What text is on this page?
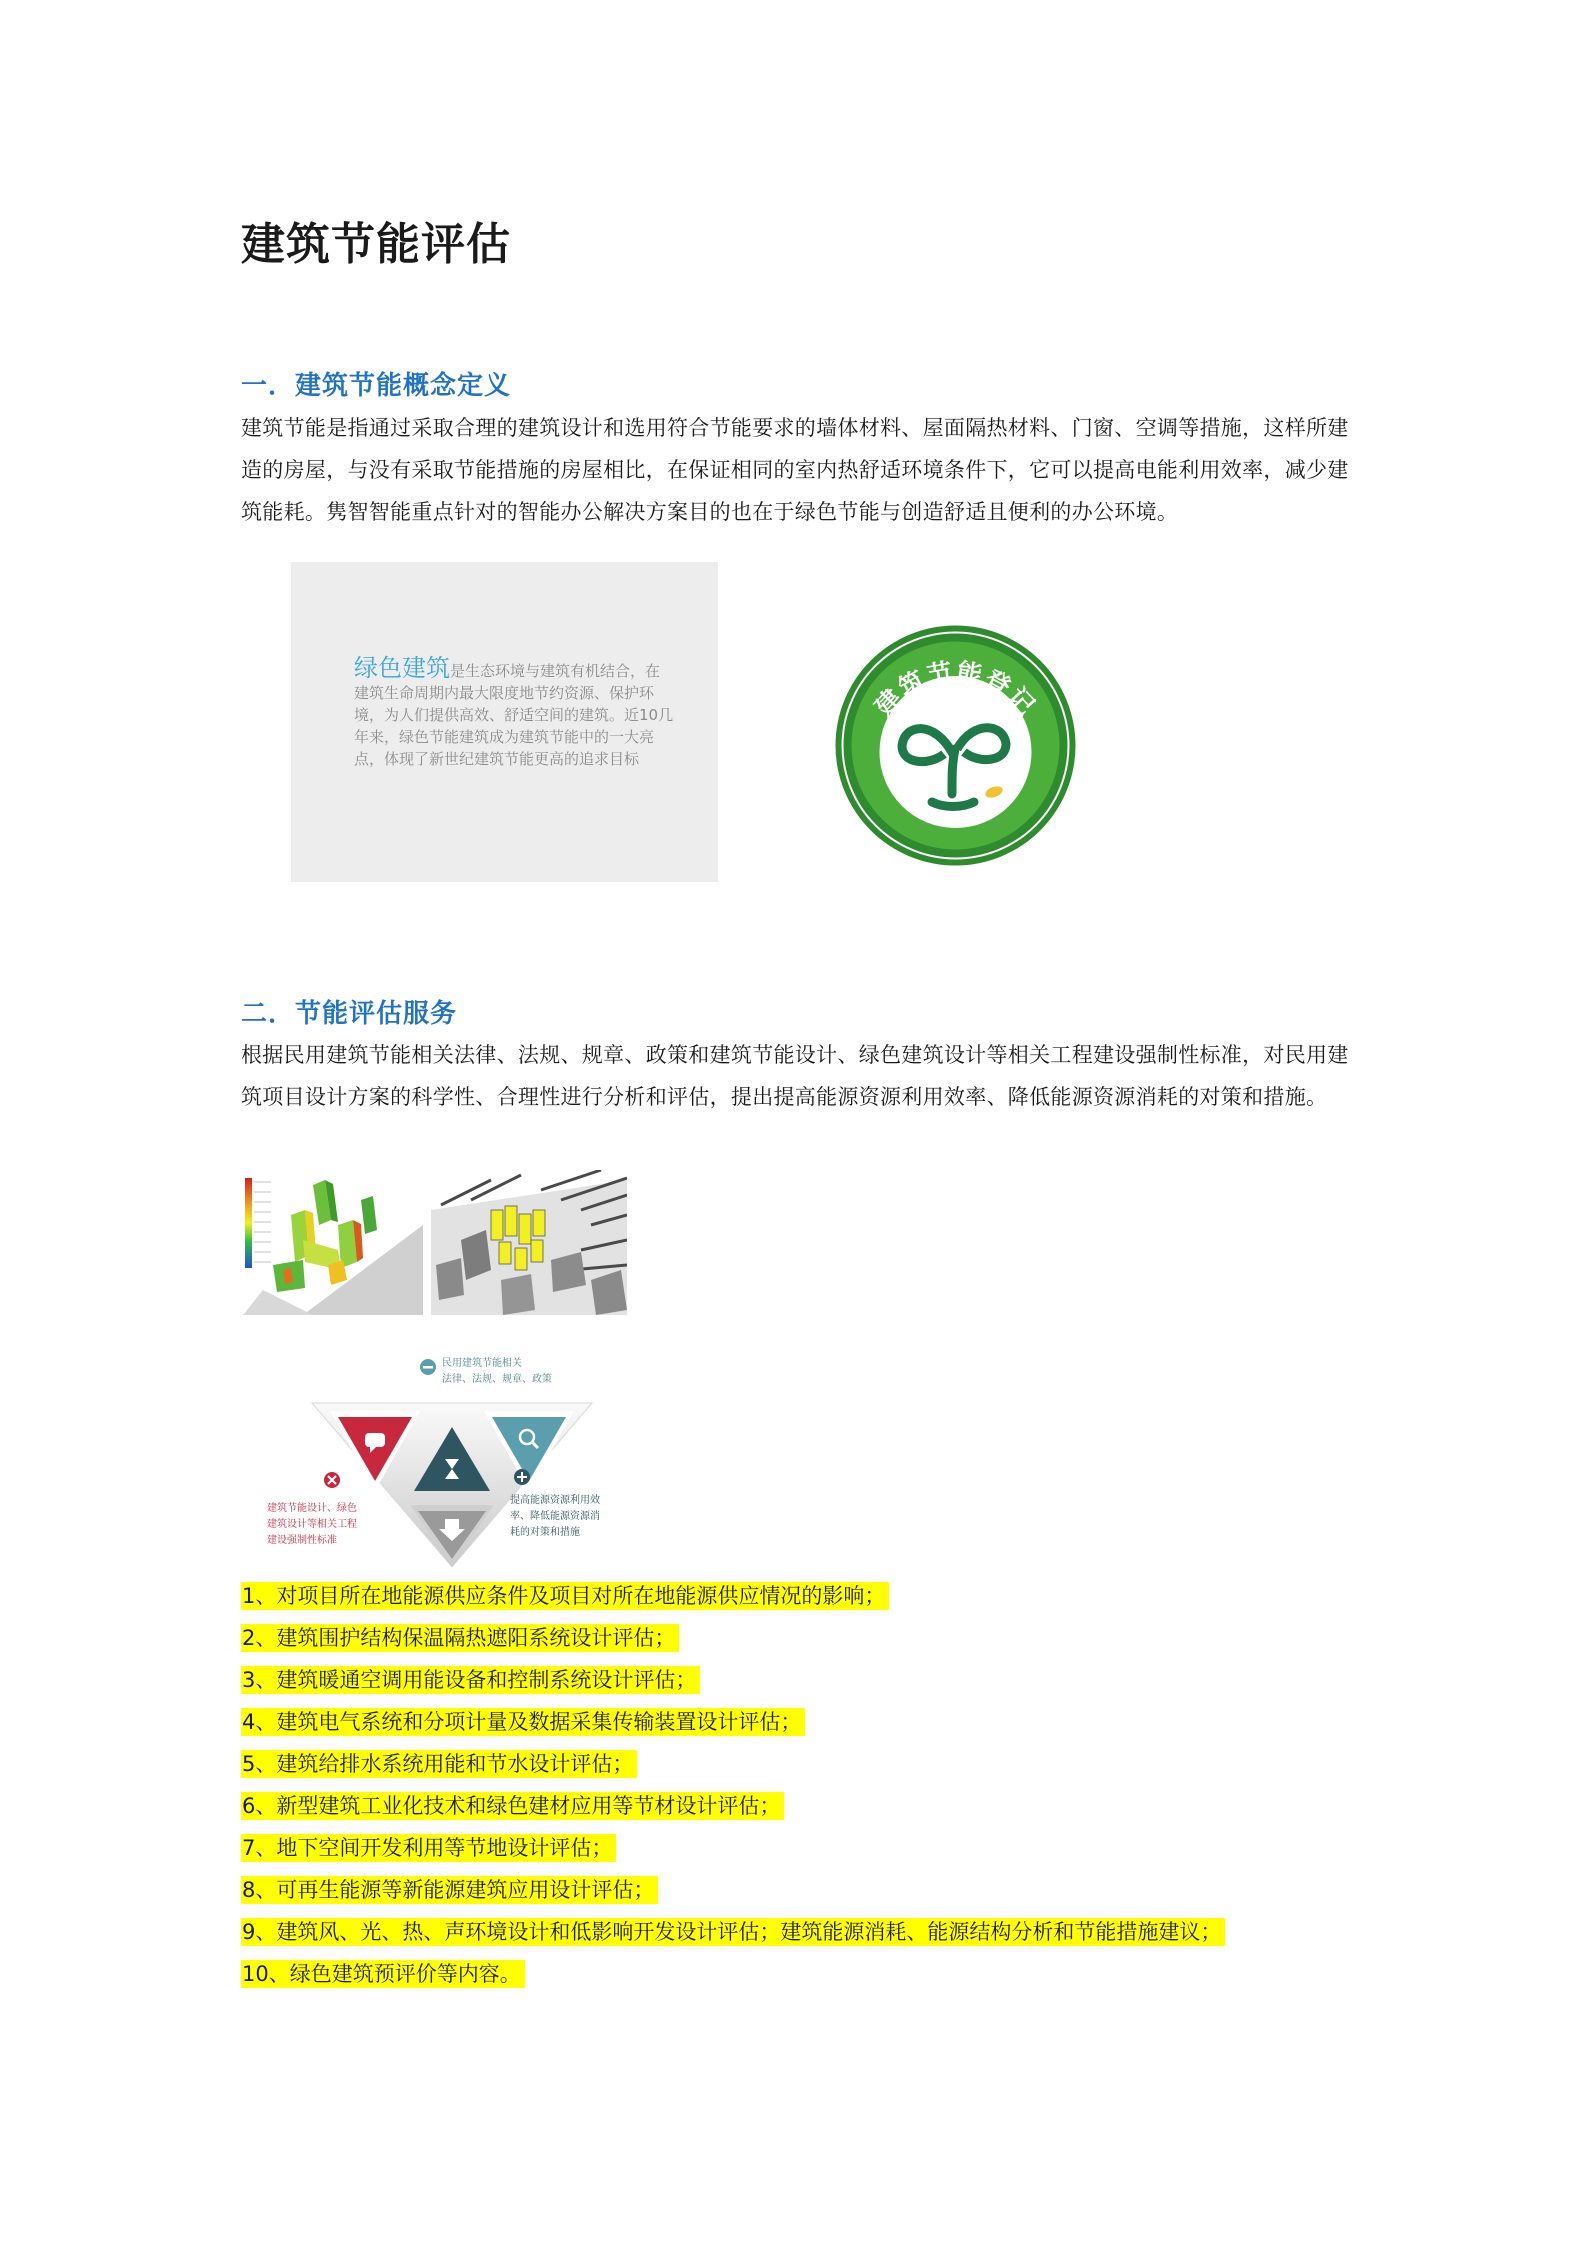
建筑节能评估
一．建筑节能概念定义

建筑节能是指通过采取合理的建筑设计和选用符合节能要求的墙体材料、屋面隔热材料、门窗、空调等措施，这样所建造的房屋，与没有采取节能措施的房屋相比，在保证相同的室内热舒适环境条件下，它可以提高电能利用效率，减少建筑能耗。隽智智能重点针对的智能办公解决方案目的也在于绿色节能与创造舒适且便利的办公环境。

绿色建筑是生态环境与建筑有机结合，在建筑生命周期内最大限度地节约资源、保护环境，为人们提供高效、舒适空间的建筑。近10几年来，绿色节能建筑成为建筑节能中的一大亮点，体现了新世纪建筑节能更高的追求目标
建筑节能登记
二．节能评估服务

根据民用建筑节能相关法律、法规、规章、政策和建筑节能设计、绿色建筑设计等相关工程建设强制性标准，对民用建筑项目设计方案的科学性、合理性进行分析和评估，提出提高能源资源利用效率、降低能源资源消耗的对策和措施。

民用建筑节能相关
法律、法规、规章、政策
建筑节能设计、绿色
建筑设计等相关工程
建设强制性标准
提高能源资源利用效
率、降低能源资源消
耗的对策和措施
1、对项目所在地能源供应条件及项目对所在地能源供应情况的影响；
2、建筑围护结构保温隔热遮阳系统设计评估；
3、建筑暖通空调用能设备和控制系统设计评估；
4、建筑电气系统和分项计量及数据采集传输装置设计评估；
5、建筑给排水系统用能和节水设计评估；
6、新型建筑工业化技术和绿色建材应用等节材设计评估；
7、地下空间开发利用等节地设计评估；
8、可再生能源等新能源建筑应用设计评估；
9、建筑风、光、热、声环境设计和低影响开发设计评估；建筑能源消耗、能源结构分析和节能措施建议；
10、绿色建筑预评价等内容。
